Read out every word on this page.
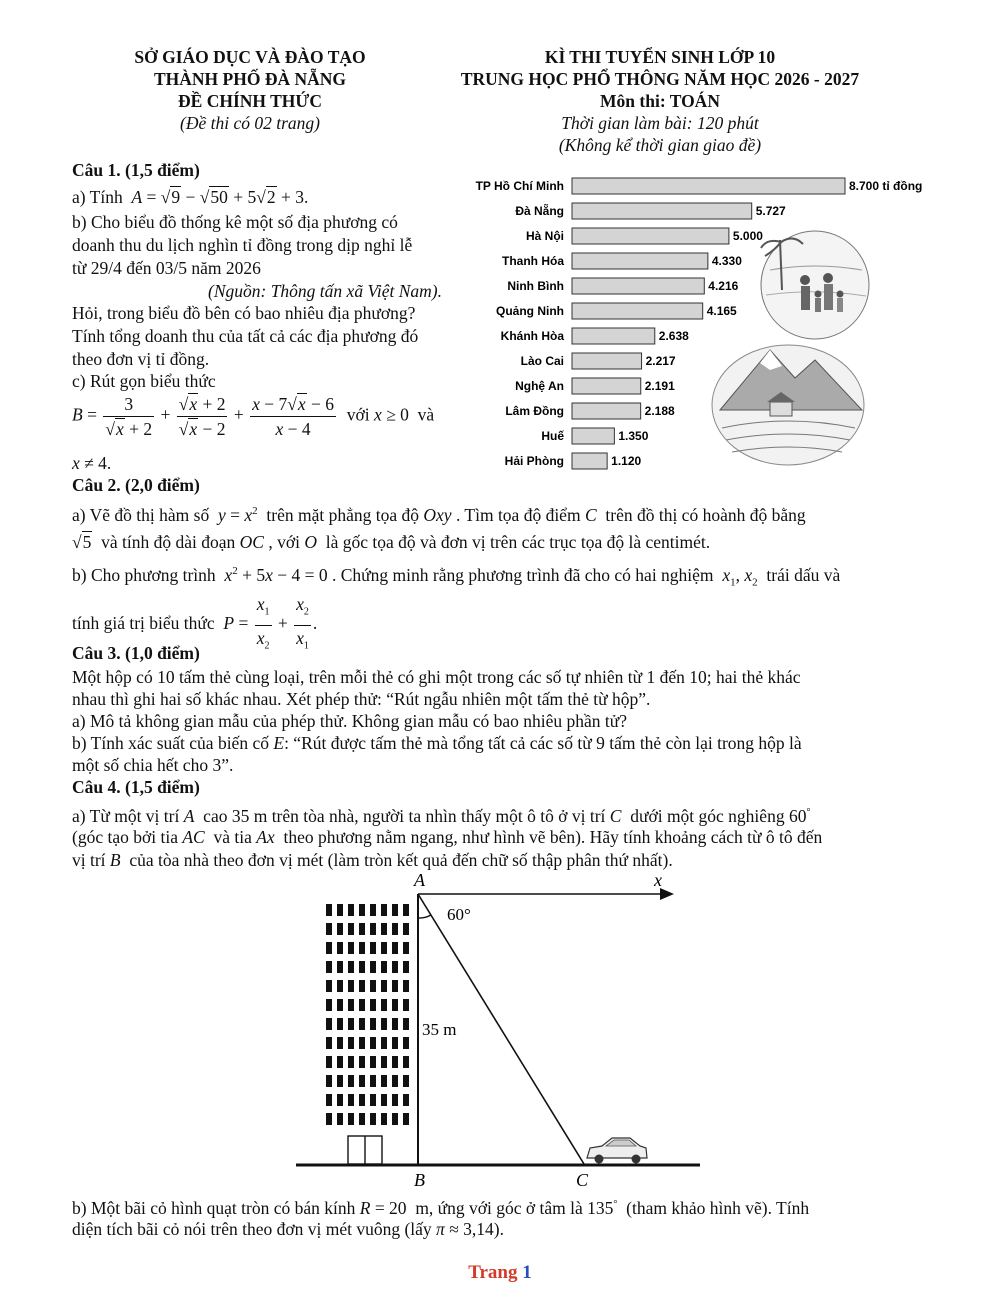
SỞ GIÁO DỤC VÀ ĐÀO TẠO
THÀNH PHỐ ĐÀ NẴNG
ĐỀ CHÍNH THỨC
(Đề thi có 02 trang)
KÌ THI TUYỂN SINH LỚP 10
TRUNG HỌC PHỔ THÔNG NĂM HỌC 2026 - 2027
Môn thi: TOÁN
Thời gian làm bài: 120 phút
(Không kể thời gian giao đề)
Câu 1. (1,5 điểm)
a) Tính  A = √9 − √50 + 5√2 + 3.
b) Cho biểu đồ thống kê một số địa phương có
doanh thu du lịch nghìn tỉ đồng trong dịp nghỉ lễ
từ 29/4 đến 03/5 năm 2026
(Nguồn: Thông tấn xã Việt Nam).
Hỏi, trong biểu đồ bên có bao nhiêu địa phương?
Tính tổng doanh thu của tất cả các địa phương đó
theo đơn vị tỉ đồng.
c) Rút gọn biểu thức
$B = \frac{3}{√x + 2} + \frac{√x + 2}{√x - 2} + \frac{x - 7√x - 6}{x - 4}$ với x ≥ 0  và
x ≠ 4.
TP Hồ Chí Minh	8.700 tỉ đồng
Đà Nẵng	5.727
Hà Nội	5.000
Thanh Hóa	4.330
Ninh Bình	4.216
Quảng Ninh	4.165
Khánh Hòa	2.638
Lào Cai	2.217
Nghệ An	2.191
Lâm Đồng	2.188
Huế	1.350
Hải Phòng	1.120
Câu 2. (2,0 điểm)
a) Vẽ đồ thị hàm số $y = x^2$ trên mặt phẳng tọa độ Oxy . Tìm tọa độ điểm C trên đồ thị có hoành độ bằng
√5 và tính độ dài đoạn OC , với O là gốc tọa độ và đơn vị trên các trục tọa độ là centimét.
b) Cho phương trình $x^2 + 5x - 4 = 0$ . Chứng minh rằng phương trình đã cho có hai nghiệm $x_1$, $x_2$ trái dấu và
tính giá trị biểu thức $P = \frac{x_1}{x_2} + \frac{x_2}{x_1}$ .
Câu 3. (1,0 điểm)
Một hộp có 10 tấm thẻ cùng loại, trên mỗi thẻ có ghi một trong các số tự nhiên từ 1 đến 10; hai thẻ khác
nhau thì ghi hai số khác nhau. Xét phép thử: “Rút ngẫu nhiên một tấm thẻ từ hộp”.
a) Mô tả không gian mẫu của phép thử. Không gian mẫu có bao nhiêu phần tử?
b) Tính xác suất của biến cố E: “Rút được tấm thẻ mà tổng tất cả các số từ 9 tấm thẻ còn lại trong hộp là
một số chia hết cho 3”.
Câu 4. (1,5 điểm)
a) Từ một vị trí A cao 35 m trên tòa nhà, người ta nhìn thấy một ô tô ở vị trí C dưới một góc nghiêng 60°
(góc tạo bởi tia AC và tia Ax theo phương nằm ngang, như hình vẽ bên). Hãy tính khoảng cách từ ô tô đến
vị trí B của tòa nhà theo đơn vị mét (làm tròn kết quả đến chữ số thập phân thứ nhất).
A	x
60°
35 m
B	C
b) Một bãi cỏ hình quạt tròn có bán kính R = 20  m, ứng với góc ở tâm là 135° (tham khảo hình vẽ). Tính
diện tích bãi cỏ nói trên theo đơn vị mét vuông (lấy π ≈ 3,14).
Trang 1
